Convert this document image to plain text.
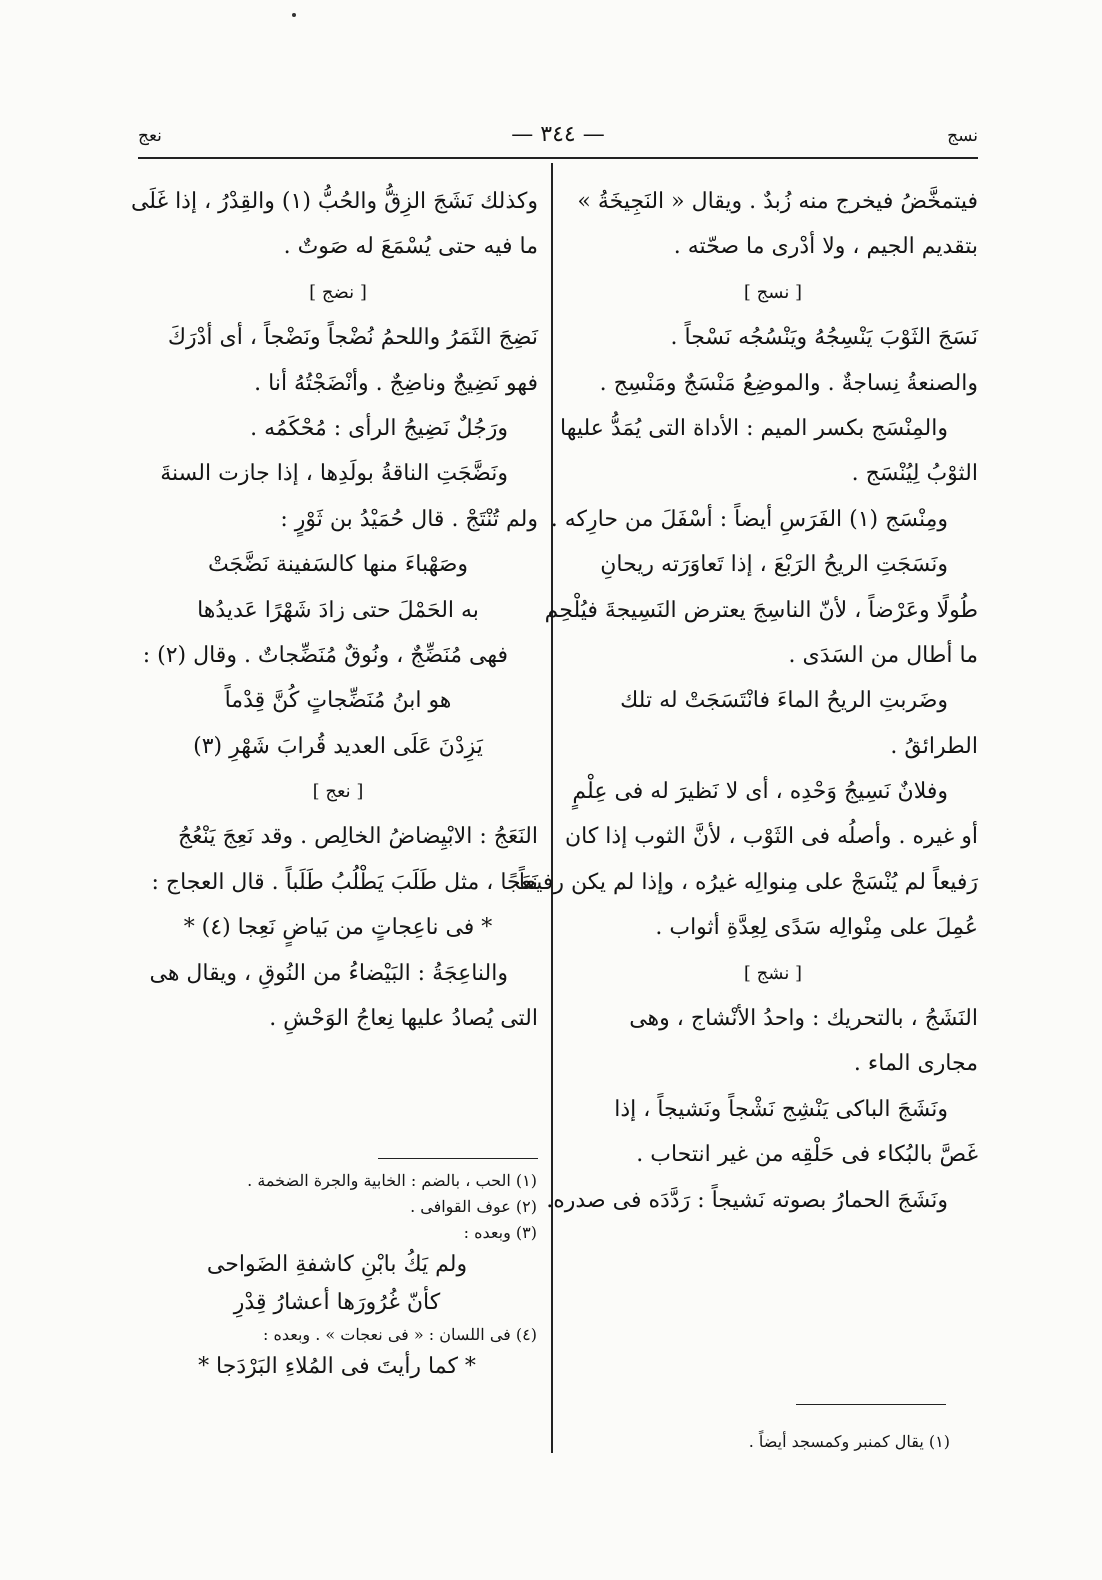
نسج
— ٣٤٤ —
نعج
فيتمخَّضُ فيخرج منه زُبدٌ . ويقال « النَجِيخَةُ »
بتقديم الجيم ، ولا أدْرى ما صحّته .
[ نسج ]
نَسَجَ الثَوْبَ يَنْسِجُهُ ويَنْسُجُه نَسْجاً .
والصنعةُ نِساجةٌ . والموضِعُ مَنْسَجٌ ومَنْسِج .
والمِنْسَج بكسر الميم : الأداة التى يُمَدُّ عليها
الثوْبُ لِيُنْسَج .
ومِنْسَج (١) الفَرَسِ أيضاً : أسْفَلَ من حارِكه .
ونَسَجَتِ الريحُ الرَبْعَ ، إذا تَعاوَرَته ريحانِ
طُولًا وعَرْضاً ، لأنّ الناسِجَ يعترض النَسِيجةَ فيُلْحِم
ما أطال من السَدَى .
وضَربتِ الريحُ الماءَ فانْتَسَجَتْ له تلك
الطرائقُ .
وفلانٌ نَسِيجُ وَحْدِه ، أى لا نَظيرَ له فى عِلْمٍ
أو غيره . وأصلُه فى الثَوْب ، لأنَّ الثوب إذا كان
رَفيعاً لم يُنْسَجْ على مِنوالِه غيرُه ، وإذا لم يكن رفيعاً
عُمِلَ على مِنْوالِه سَدًى لِعِدَّةِ أثواب .
[ نشج ]
النَشَجُ ، بالتحريك : واحدُ الأنْشاج ، وهى
مجارى الماء .
ونَشَجَ الباكى يَنْشِج نَشْجاً ونَشيجاً ، إذا
غَصَّ بالبُكاء فى حَلْقِه من غير انتحاب .
ونَشَجَ الحمارُ بصوته نَشيجاً : رَدَّدَه فى صدره.
وكذلك نَشَجَ الزِقُّ والحُبُّ (١) والقِدْرُ ، إذا غَلَى
ما فيه حتى يُسْمَعَ له صَوتٌ .
[ نضج ]
نَضِجَ الثَمَرُ واللحمُ نُضْجاً ونَضْجاً ، أى أدْرَكَ
فهو نَضِيجٌ وناضِجٌ . وأنْضَجْتُهُ أنا .
ورَجُلٌ نَضِيجُ الرأى : مُحْكَمُه .
ونَضَّجَتِ الناقةُ بولَدِها ، إذا جازت السنةَ
ولم تُنْتَجْ . قال حُمَيْدُ بن ثَوْرٍ :
وصَهْباءَ منها كالسَفينة نَضَّجَتْ
به الحَمْلَ حتى زادَ شَهْرًا عَديدُها
فهى مُنَضِّجٌ ، ونُوقٌ مُنَضِّجاتٌ . وقال (٢) :
هو ابنُ مُنَضِّجاتٍ كُنَّ قِدْماً
يَزِدْنَ عَلَى العديد قُرابَ شَهْرِ (٣)
[ نعج ]
النَعَجُ : الابْيِضاضُ الخالِص . وقد نَعِجَ يَنْعُجُ
نَعَجًا ، مثل طَلَبَ يَطْلُبُ طَلَباً . قال العجاج :
* فى ناعِجاتٍ من بَياضٍ نَعِجا (٤) *
والناعِجَةُ : البَيْضاءُ من النُوقِ ، ويقال هى
التى يُصادُ عليها نِعاجُ الوَحْشِ .
(١) الحب ، بالضم : الخابية والجرة الضخمة .
(٢) عوف القوافى .
(٣) وبعده :
ولم يَكُ بابْنِ كاشفةِ الضَواحى
كأنّ غُرُورَها أعشارُ قِدْرِ
(٤) فى اللسان : « فى نعجات » . وبعده :
* كما رأيتَ فى المُلاءِ البَرْدَجا *
(١) يقال كمنبر وكمسجد أيضاً .
